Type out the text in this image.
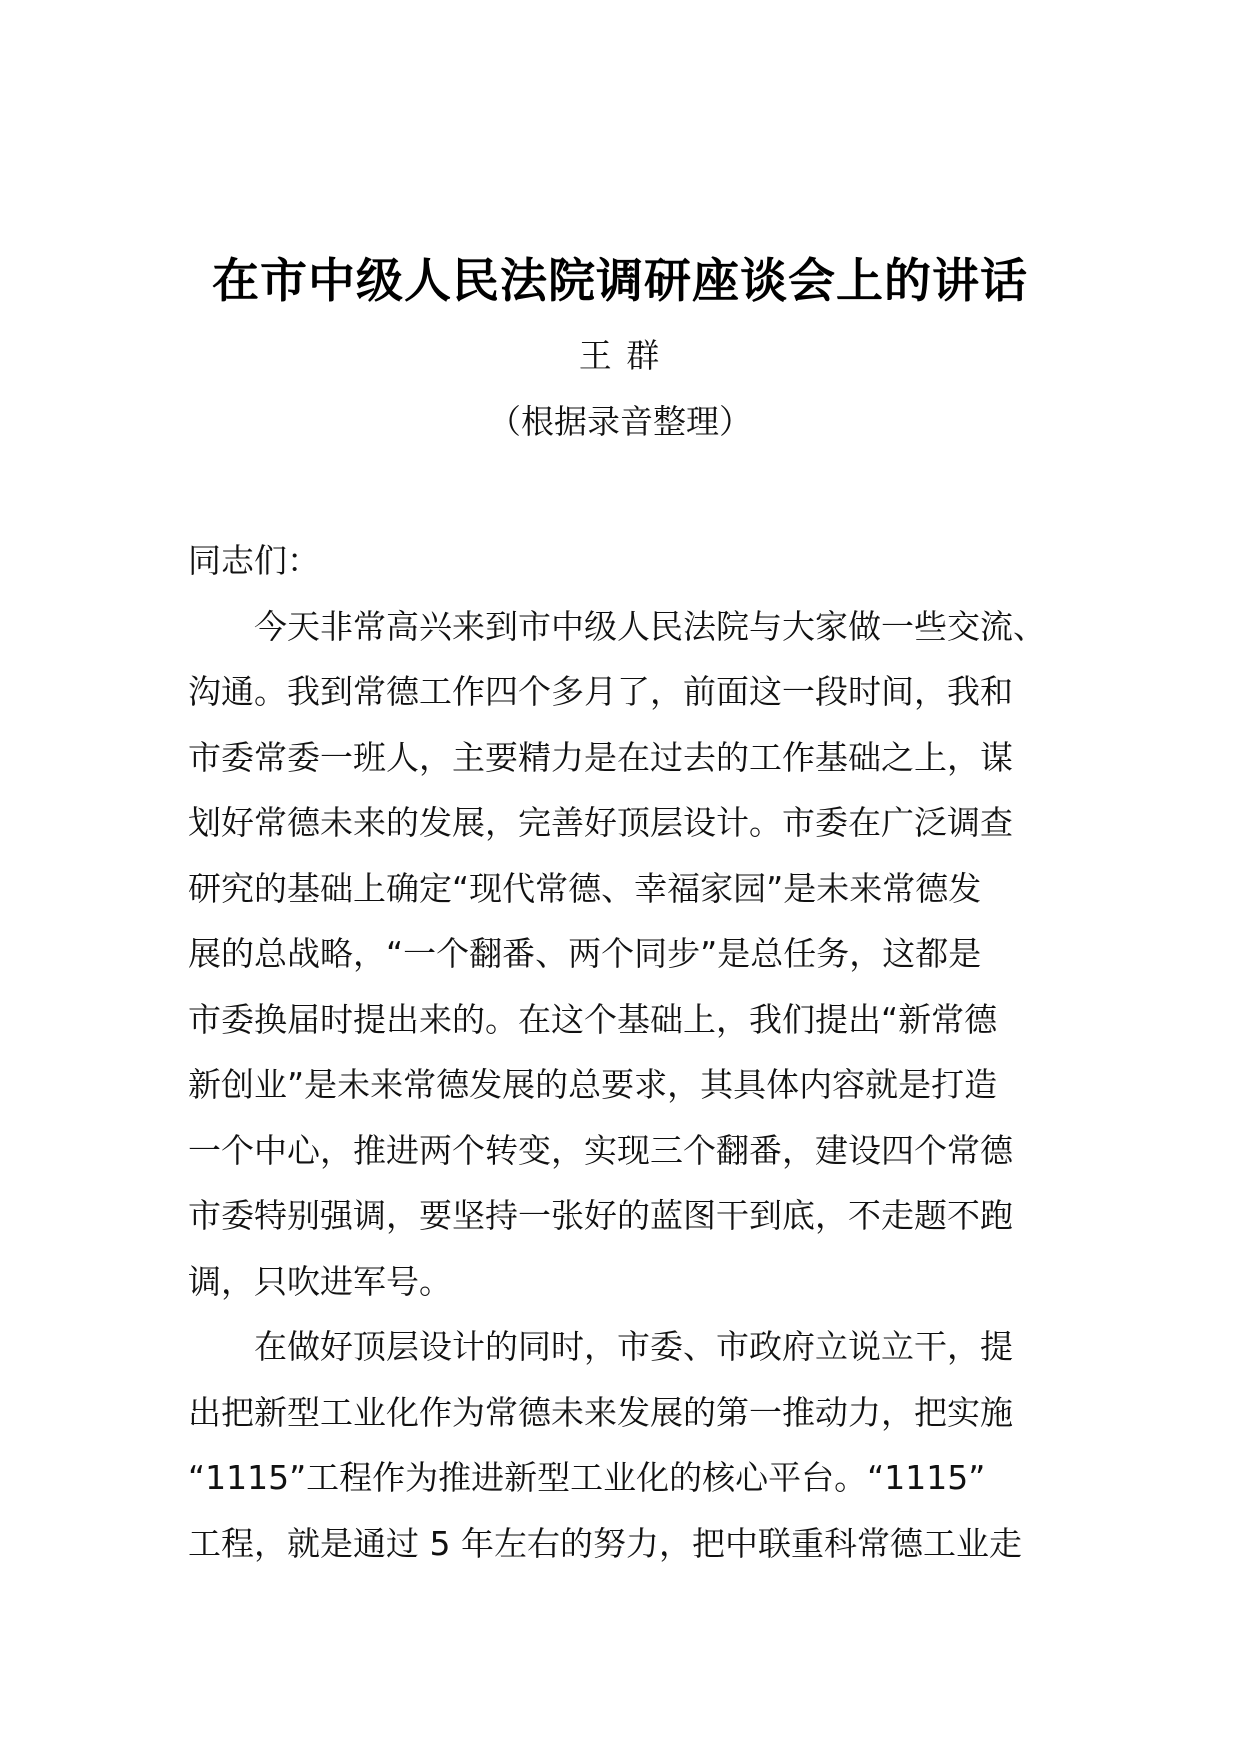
在市中级人民法院调研座谈会上的讲话
王 群
（根据录音整理）
同志们：
今天非常高兴来到市中级人民法院与大家做一些交流、
沟通。我到常德工作四个多月了，前面这一段时间，我和
市委常委一班人，主要精力是在过去的工作基础之上，谋
划好常德未来的发展，完善好顶层设计。市委在广泛调查
研究的基础上确定“现代常德、幸福家园”是未来常德发
展的总战略，“一个翻番、两个同步”是总任务，这都是
市委换届时提出来的。在这个基础上，我们提出“新常德
新创业”是未来常德发展的总要求，其具体内容就是打造
一个中心，推进两个转变，实现三个翻番，建设四个常德
市委特别强调，要坚持一张好的蓝图干到底，不走题不跑
调，只吹进军号。
在做好顶层设计的同时，市委、市政府立说立干，提
出把新型工业化作为常德未来发展的第一推动力，把实施
“1115”工程作为推进新型工业化的核心平台。“1115”
工程，就是通过 5 年左右的努力，把中联重科常德工业走
